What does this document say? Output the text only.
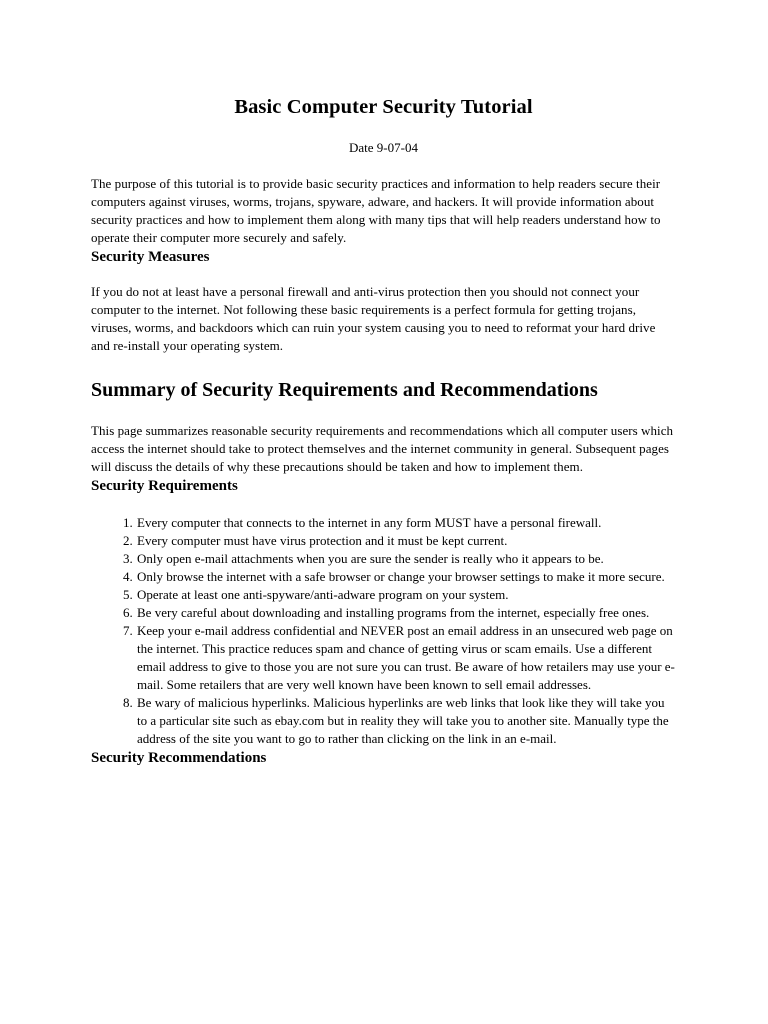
Basic Computer Security Tutorial
Date 9-07-04

The purpose of this tutorial is to provide basic security practices and information to help readers secure their computers against viruses, worms, trojans, spyware, adware, and hackers. It will provide information about security practices and how to implement them along with many tips that will help readers understand how to operate their computer more securely and safely.

Security Measures

If you do not at least have a personal firewall and anti-virus protection then you should not connect your computer to the internet. Not following these basic requirements is a perfect formula for getting trojans, viruses, worms, and backdoors which can ruin your system causing you to need to reformat your hard drive and re-install your operating system.

Summary of Security Requirements and Recommendations

This page summarizes reasonable security requirements and recommendations which all computer users which access the internet should take to protect themselves and the internet community in general. Subsequent pages will discuss the details of why these precautions should be taken and how to implement them.

Security Requirements
1. Every computer that connects to the internet in any form MUST have a personal firewall.
2. Every computer must have virus protection and it must be kept current.
3. Only open e-mail attachments when you are sure the sender is really who it appears to be.
4. Only browse the internet with a safe browser or change your browser settings to make it more secure.
5. Operate at least one anti-spyware/anti-adware program on your system.
6. Be very careful about downloading and installing programs from the internet, especially free ones.
7. Keep your e-mail address confidential and NEVER post an email address in an unsecured web page on the internet. This practice reduces spam and chance of getting virus or scam emails. Use a different email address to give to those you are not sure you can trust. Be aware of how retailers may use your e-mail. Some retailers that are very well known have been known to sell email addresses.
8. Be wary of malicious hyperlinks. Malicious hyperlinks are web links that look like they will take you to a particular site such as ebay.com but in reality they will take you to another site. Manually type the address of the site you want to go to rather than clicking on the link in an e-mail.
Security Recommendations
